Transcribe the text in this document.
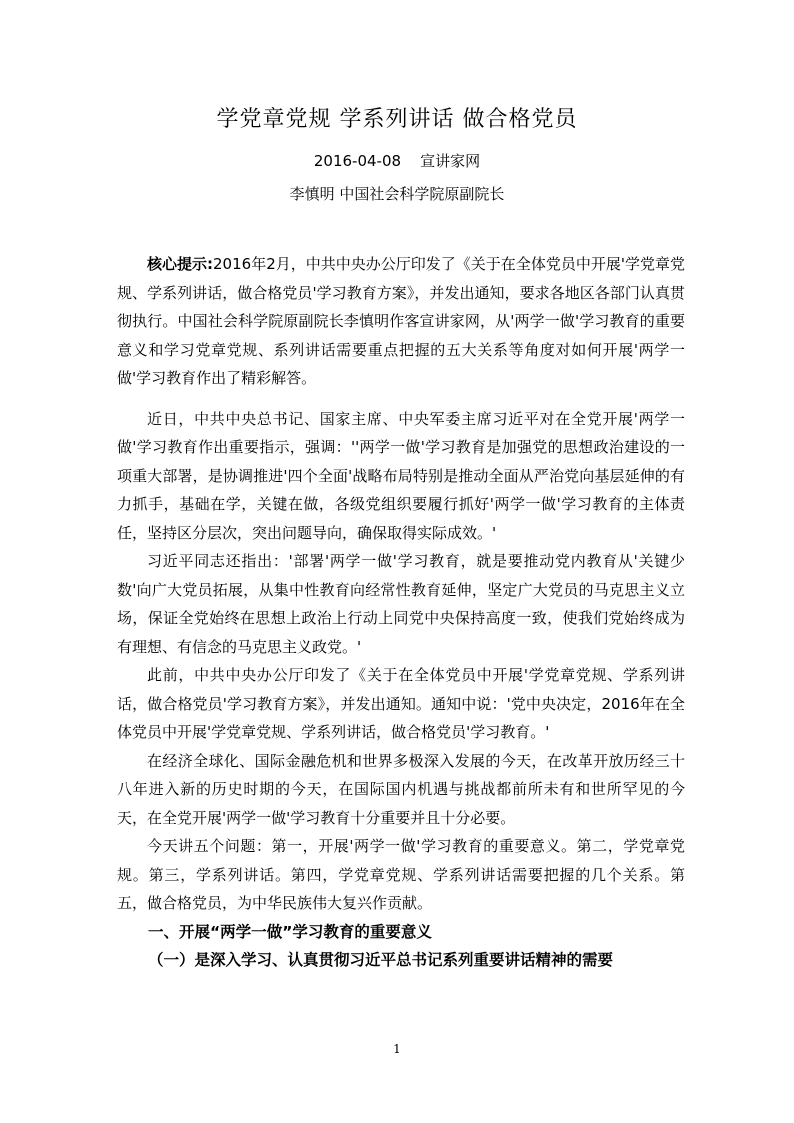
学党章党规 学系列讲话 做合格党员
2016-04-08 宣讲家网
李慎明 中国社会科学院原副院长

核心提示:2016年2月，中共中央办公厅印发了《关于在全体党员中开展'学党章党规、学系列讲话，做合格党员'学习教育方案》，并发出通知，要求各地区各部门认真贯彻执行。中国社会科学院原副院长李慎明作客宣讲家网，从'两学一做'学习教育的重要意义和学习党章党规、系列讲话需要重点把握的五大关系等角度对如何开展'两学一做'学习教育作出了精彩解答。

近日，中共中央总书记、国家主席、中央军委主席习近平对在全党开展'两学一做'学习教育作出重要指示，强调：''两学一做'学习教育是加强党的思想政治建设的一项重大部署，是协调推进'四个全面'战略布局特别是推动全面从严治党向基层延伸的有力抓手，基础在学，关键在做，各级党组织要履行抓好'两学一做'学习教育的主体责任，坚持区分层次，突出问题导向，确保取得实际成效。'

习近平同志还指出：'部署'两学一做'学习教育，就是要推动党内教育从'关键少数'向广大党员拓展，从集中性教育向经常性教育延伸，坚定广大党员的马克思主义立场，保证全党始终在思想上政治上行动上同党中央保持高度一致，使我们党始终成为有理想、有信念的马克思主义政党。'

此前，中共中央办公厅印发了《关于在全体党员中开展'学党章党规、学系列讲话，做合格党员'学习教育方案》，并发出通知。通知中说：'党中央决定，2016年在全体党员中开展'学党章党规、学系列讲话，做合格党员'学习教育。'

在经济全球化、国际金融危机和世界多极深入发展的今天，在改革开放历经三十八年进入新的历史时期的今天，在国际国内机遇与挑战都前所未有和世所罕见的今天，在全党开展'两学一做'学习教育十分重要并且十分必要。

今天讲五个问题：第一，开展'两学一做'学习教育的重要意义。第二，学党章党规。第三，学系列讲话。第四，学党章党规、学系列讲话需要把握的几个关系。第五，做合格党员，为中华民族伟大复兴作贡献。

一、开展“两学一做”学习教育的重要意义

（一）是深入学习、认真贯彻习近平总书记系列重要讲话精神的需要

1
